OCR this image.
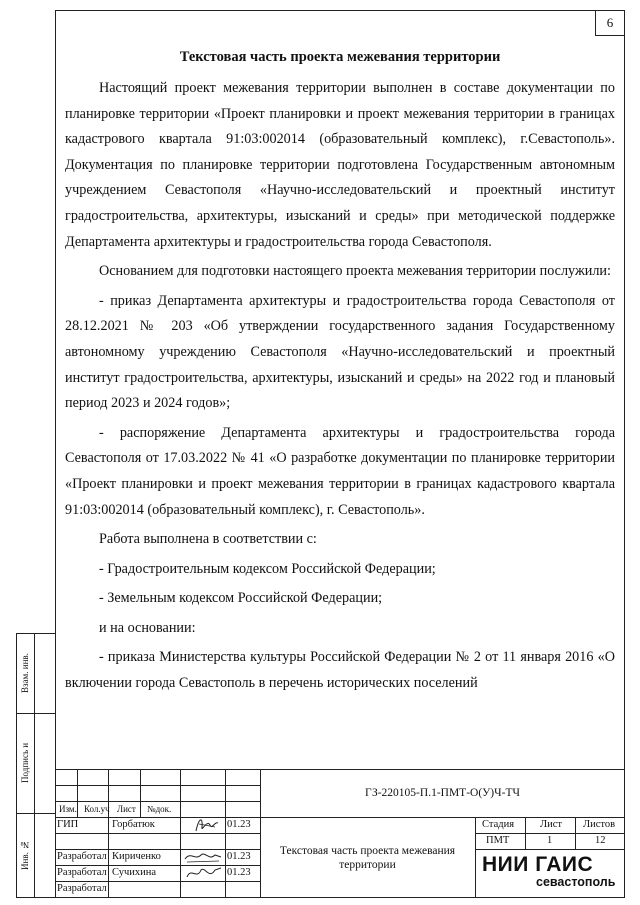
6
Текстовая часть проекта межевания территории

Настоящий проект межевания территории выполнен в составе документации по планировке территории «Проект планировки и проект межевания территории в границах кадастрового квартала 91:03:002014 (образовательный комплекс), г.Севастополь». Документация по планировке территории подготовлена Государственным автономным учреждением Севастополя «Научно-исследовательский и проектный институт градостроительства, архитектуры, изысканий и среды» при методической поддержке Департамента архитектуры и градостроительства города Севастополя.

Основанием для подготовки настоящего проекта межевания территории послужили:

- приказ Департамента архитектуры и градостроительства города Севастополя от 28.12.2021 № 203 «Об утверждении государственного задания Государственному автономному учреждению Севастополя «Научно-исследовательский и проектный институт градостроительства, архитектуры, изысканий и среды» на 2022 год и плановый период 2023 и 2024 годов»;

- распоряжение Департамента архитектуры и градостроительства города Севастополя от 17.03.2022 № 41 «О разработке документации по планировке территории «Проект планировки и проект межевания территории в границах кадастрового квартала 91:03:002014 (образовательный комплекс), г. Севастополь».

Работа выполнена в соответствии с:

- Градостроительным кодексом Российской Федерации;

- Земельным кодексом Российской Федерации;

и на основании:

- приказа Министерства культуры Российской Федерации № 2 от 11 января 2016 «О включении города Севастополь в перечень исторических поселений

Взам. инв.
Подпись и
Инв. №
ГЗ-220105-П.1-ПМТ-О(У)Ч-ТЧ
Изм. Кол.уч Лист №док.
ГИП	Горбатюк	01.23
Разработал Кириченко	01.23
Разработал Сучихина	01.23
Разработал
Текстовая часть проекта межевания территории
Стадия Лист Листов
ПМТ	1	12
НИИ ГАИС
севастополь
